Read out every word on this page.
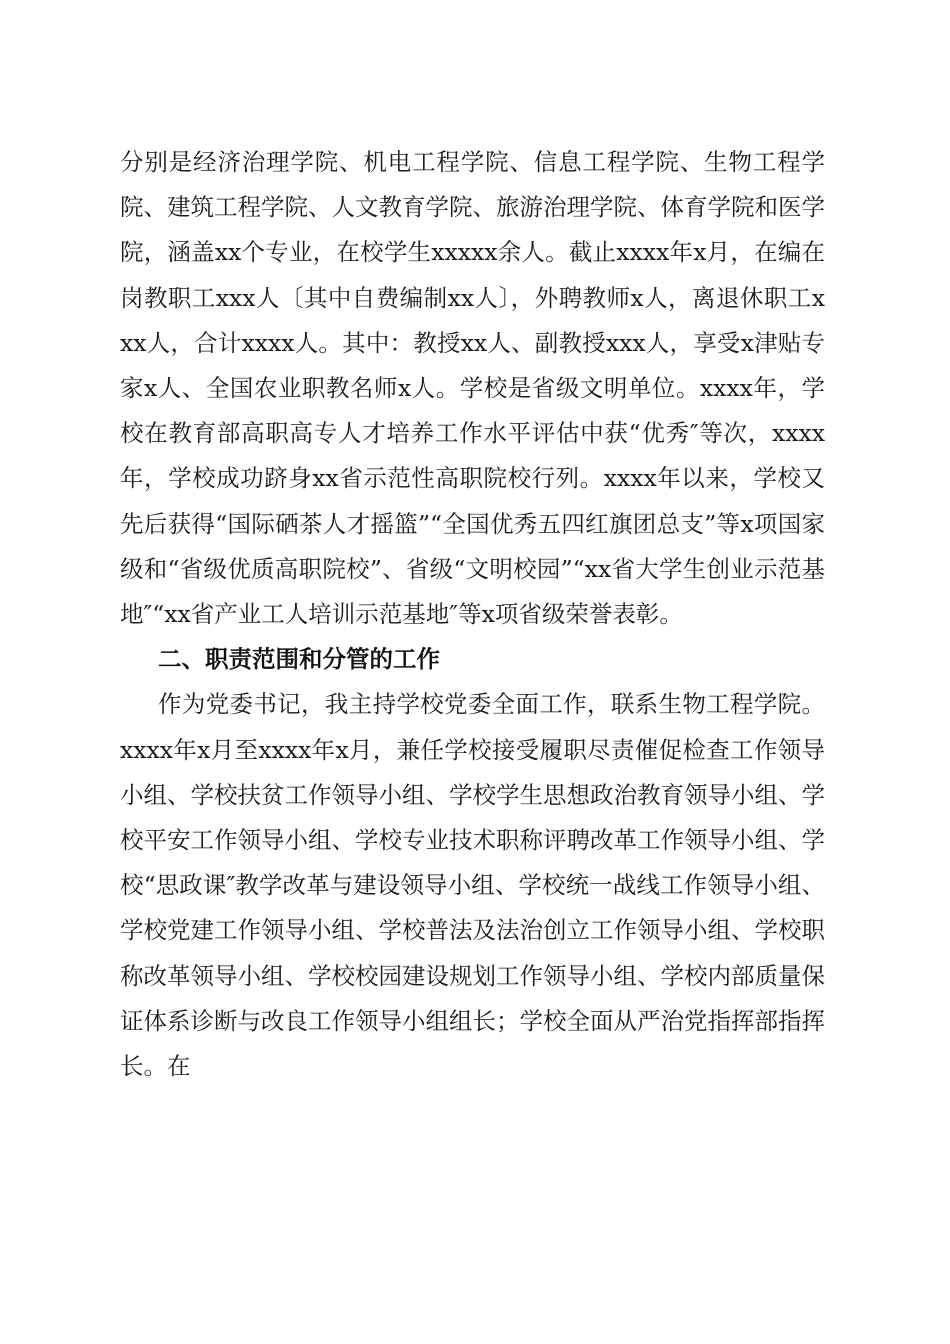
分别是经济治理学院、机电工程学院、信息工程学院、生物工程学院、建筑工程学院、人文教育学院、旅游治理学院、体育学院和医学院，涵盖xx个专业，在校学生xxxxx余人。截止xxxx年x月，在编在岗教职工xxx人〔其中自费编制xx人〕，外聘教师x人，离退休职工xxx人，合计xxxx人。其中：教授xx人、副教授xxx人，享受x津贴专家x人、全国农业职教名师x人。学校是省级文明单位。xxxx年，学校在教育部高职高专人才培养工作水平评估中获“优秀″等次，xxxx年，学校成功跻身xx省示范性高职院校行列。xxxx年以来，学校又先后获得“国际硒茶人才摇篮”“全国优秀五四红旗团总支”等x项国家级和“省级优质高职院校”、省级“文明校园”“xx省大学生创业示范基地″“xx省产业工人培训示范基地″等x项省级荣誉表彰。

二、职责范围和分管的工作

作为党委书记，我主持学校党委全面工作，联系生物工程学院。xxxx年x月至xxxx年x月，兼任学校接受履职尽责催促检查工作领导小组、学校扶贫工作领导小组、学校学生思想政治教育领导小组、学校平安工作领导小组、学校专业技术职称评聘改革工作领导小组、学校“思政课″教学改革与建设领导小组、学校统一战线工作领导小组、学校党建工作领导小组、学校普法及法治创立工作领导小组、学校职称改革领导小组、学校校园建设规划工作领导小组、学校内部质量保证体系诊断与改良工作领导小组组长；学校全面从严治党指挥部指挥长。在
